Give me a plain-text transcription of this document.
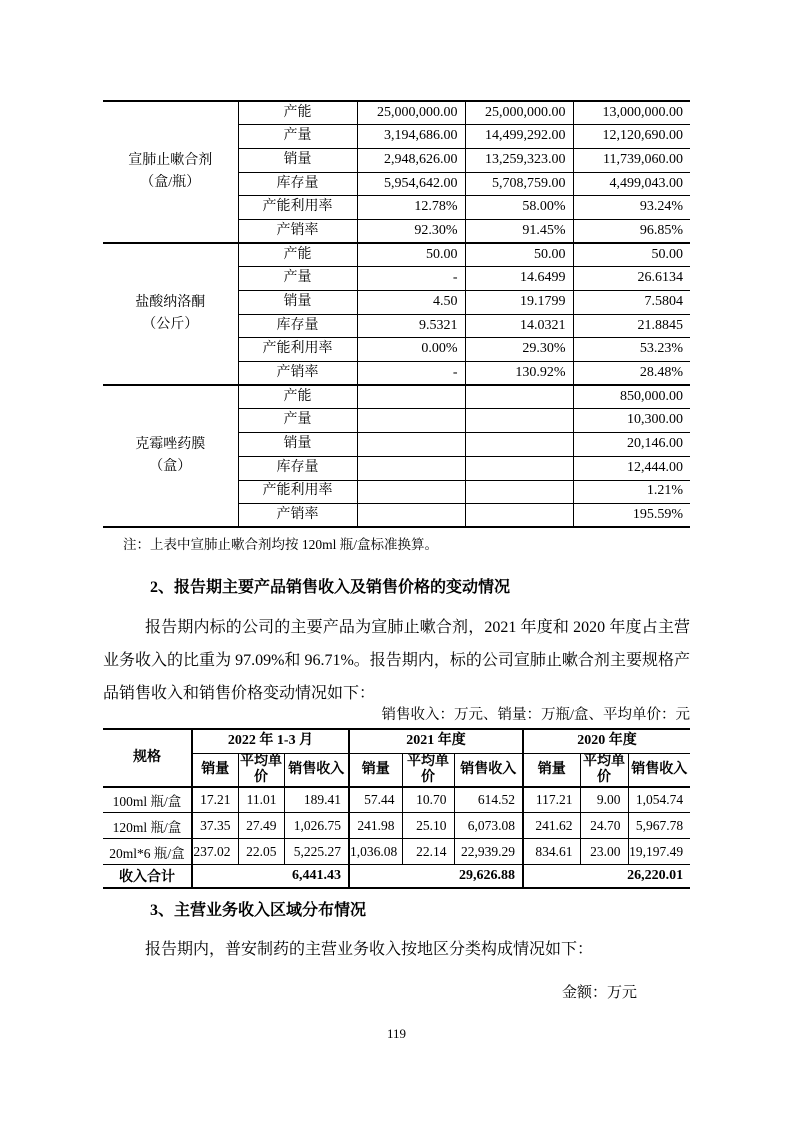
宣肺止嗽合剂
（盒/瓶）	产能	25,000,000.00	25,000,000.00	13,000,000.00
	产量	3,194,686.00	14,499,292.00	12,120,690.00
	销量	2,948,626.00	13,259,323.00	11,739,060.00
	库存量	5,954,642.00	5,708,759.00	4,499,043.00
	产能利用率	12.78%	58.00%	93.24%
	产销率	92.30%	91.45%	96.85%
盐酸纳洛酮
（公斤）	产能	50.00	50.00	50.00
	产量	-	14.6499	26.6134
	销量	4.50	19.1799	7.5804
	库存量	9.5321	14.0321	21.8845
	产能利用率	0.00%	29.30%	53.23%
	产销率	-	130.92%	28.48%
克霉唑药膜
（盒）	产能			850,000.00
	产量			10,300.00
	销量			20,146.00
	库存量			12,444.00
	产能利用率			1.21%
	产销率			195.59%
注：上表中宣肺止嗽合剂均按 120ml 瓶/盒标准换算。
2、报告期主要产品销售收入及销售价格的变动情况

报告期内标的公司的主要产品为宣肺止嗽合剂，2021 年度和 2020 年度占主营业务收入的比重为 97.09%和 96.71%。报告期内，标的公司宣肺止嗽合剂主要规格产品销售收入和销售价格变动情况如下：

销售收入：万元、销量：万瓶/盒、平均单价：元
规格	2022 年 1-3 月			2021 年度			2020 年度		
	销量	平均单价	销售收入	销量	平均单价	销售收入	销量	平均单价	销售收入
100ml 瓶/盒	17.21	11.01	189.41	57.44	10.70	614.52	117.21	9.00	1,054.74
120ml 瓶/盒	37.35	27.49	1,026.75	241.98	25.10	6,073.08	241.62	24.70	5,967.78
20ml*6 瓶/盒	237.02	22.05	5,225.27	1,036.08	22.14	22,939.29	834.61	23.00	19,197.49
收入合计	6,441.43			29,626.88			26,220.01		
3、主营业务收入区域分布情况

报告期内，普安制药的主营业务收入按地区分类构成情况如下：

金额：万元
119
